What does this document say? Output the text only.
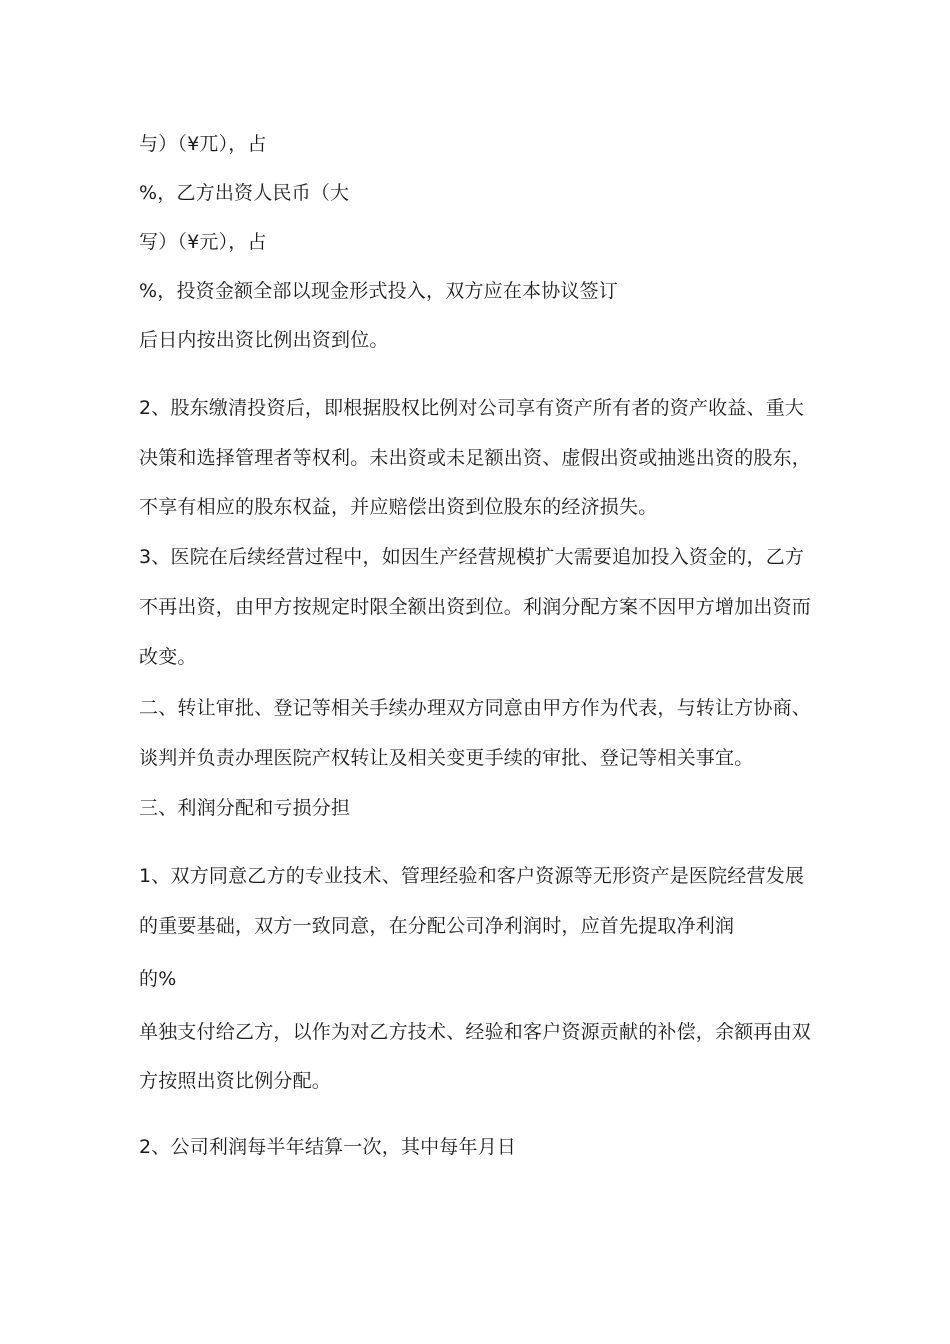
与）（¥兀），占
%，乙方出资人民币（大
写）（¥元），占
%，投资金额全部以现金形式投入，双方应在本协议签订
后日内按出资比例出资到位。
2、股东缴清投资后，即根据股权比例对公司享有资产所有者的资产收益、重大
决策和选择管理者等权利。未出资或未足额出资、虚假出资或抽逃出资的股东，
不享有相应的股东权益，并应赔偿出资到位股东的经济损失。
3、医院在后续经营过程中，如因生产经营规模扩大需要追加投入资金的，乙方
不再出资，由甲方按规定时限全额出资到位。利润分配方案不因甲方增加出资而
改变。
二、转让审批、登记等相关手续办理双方同意由甲方作为代表，与转让方协商、
谈判并负责办理医院产权转让及相关变更手续的审批、登记等相关事宜。
三、利润分配和亏损分担
1、双方同意乙方的专业技术、管理经验和客户资源等无形资产是医院经营发展
的重要基础，双方一致同意，在分配公司净利润时，应首先提取净利润
的%
单独支付给乙方，以作为对乙方技术、经验和客户资源贡献的补偿，余额再由双
方按照出资比例分配。
2、公司利润每半年结算一次，其中每年月日
